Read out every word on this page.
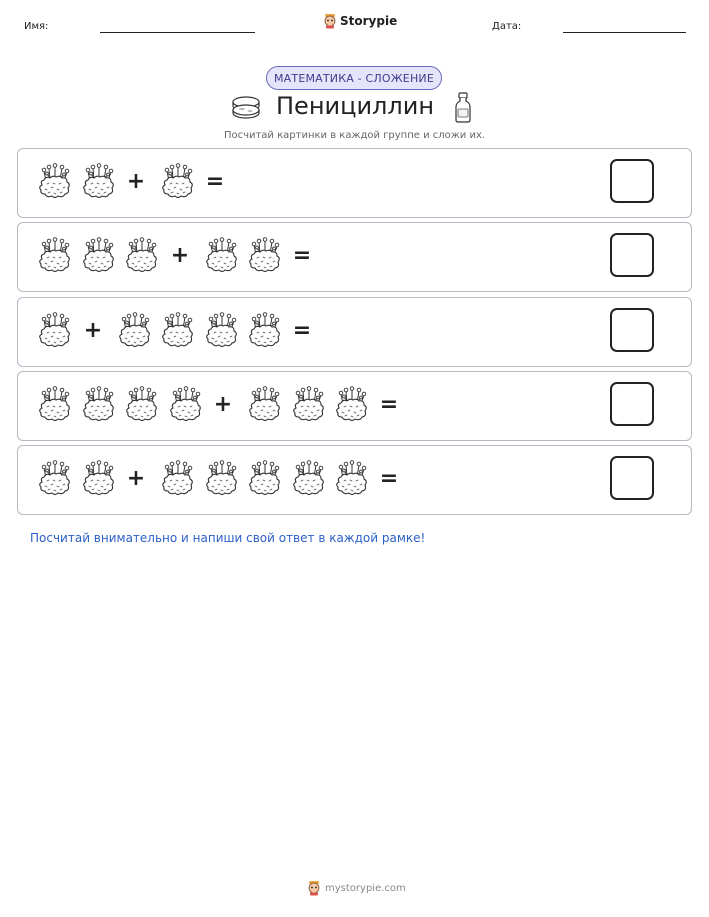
Имя:	Storypie	Дата:
МАТЕМАТИКА - СЛОЖЕНИЕ
Пенициллин
Посчитай картинки в каждой группе и сложи их.
+	=
+	=
+	=
+	=
+	=
Посчитай внимательно и напиши свой ответ в каждой рамке!
mystorypie.com
